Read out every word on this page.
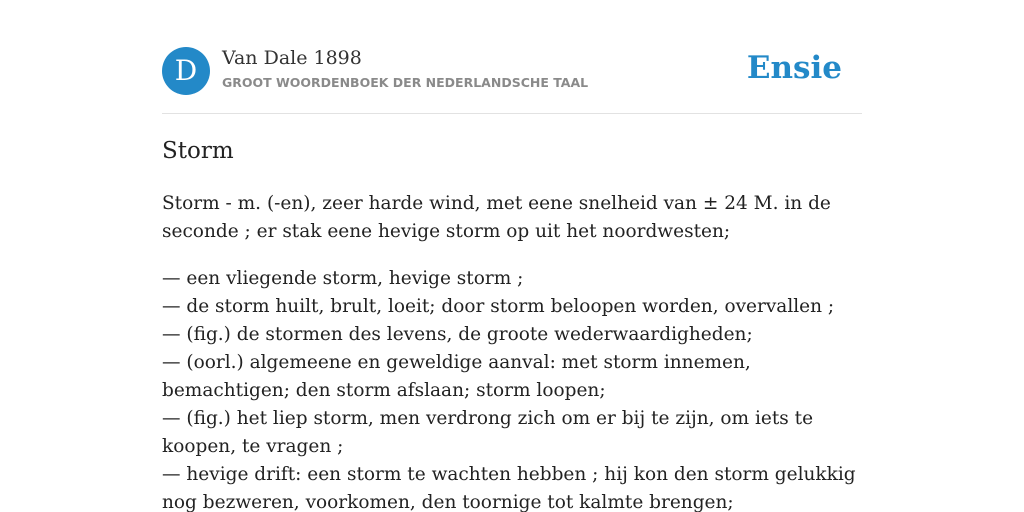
D	Van Dale 1898
GROOT WOORDENBOEK DER NEDERLANDSCHE TAAL	Ensie
Storm

Storm - m. (-en), zeer harde wind, met eene snelheid van ± 24 M. in de seconde ; er stak eene hevige storm op uit het noordwesten;

— een vliegende storm, hevige storm ;
— de storm huilt, brult, loeit; door storm beloopen worden, overvallen ;
— (fig.) de stormen des levens, de groote wederwaardigheden;
— (oorl.) algemeene en geweldige aanval: met storm innemen, bemachtigen; den storm afslaan; storm loopen;
— (fig.) het liep storm, men verdrong zich om er bij te zijn, om iets te koopen, te vragen ;
— hevige drift: een storm te wachten hebben ; hij kon den storm gelukkig nog bezweren, voorkomen, den toornige tot kalmte brengen;
